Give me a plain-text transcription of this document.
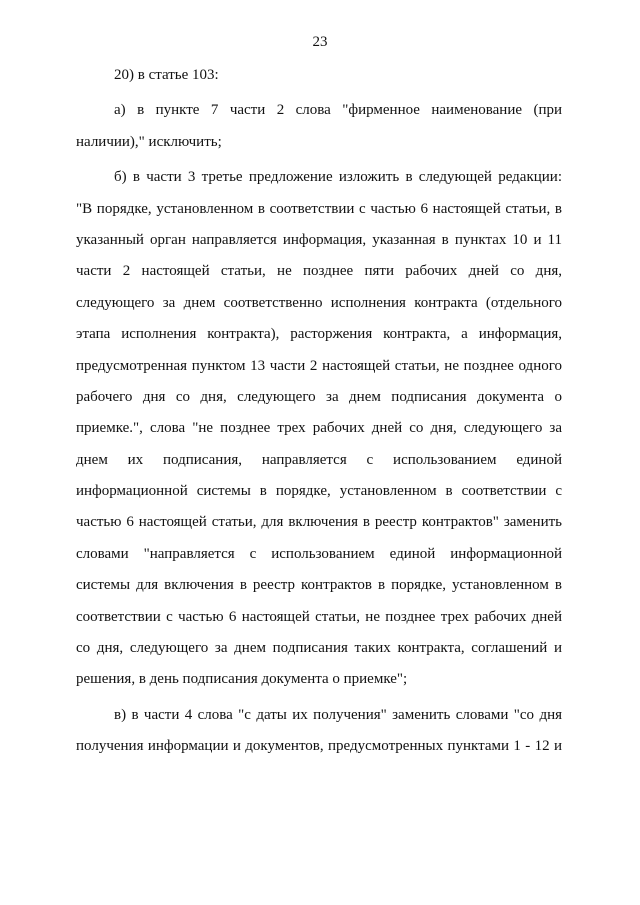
23
20) в статье 103:
а) в пункте 7 части 2 слова "фирменное наименование (при
наличии)," исключить;
б) в части 3 третье предложение изложить в следующей редакции:
"В порядке, установленном в соответствии с частью 6 настоящей статьи, в
указанный орган направляется информация, указанная в пунктах 10 и 11
части 2 настоящей статьи, не позднее пяти рабочих дней со дня,
следующего за днем соответственно исполнения контракта (отдельного
этапа исполнения контракта), расторжения контракта, а информация,
предусмотренная пунктом 13 части 2 настоящей статьи, не позднее одного
рабочего дня со дня, следующего за днем подписания документа о
приемке.", слова "не позднее трех рабочих дней со дня, следующего за
днем их подписания, направляется с использованием единой
информационной системы в порядке, установленном в соответствии с
частью 6 настоящей статьи, для включения в реестр контрактов" заменить
словами "направляется с использованием единой информационной
системы для включения в реестр контрактов в порядке, установленном в
соответствии с частью 6 настоящей статьи, не позднее трех рабочих дней
со дня, следующего за днем подписания таких контракта, соглашений и
решения, в день подписания документа о приемке";
в) в части 4 слова "с даты их получения" заменить словами "со дня
получения информации и документов, предусмотренных пунктами 1 - 12 и
